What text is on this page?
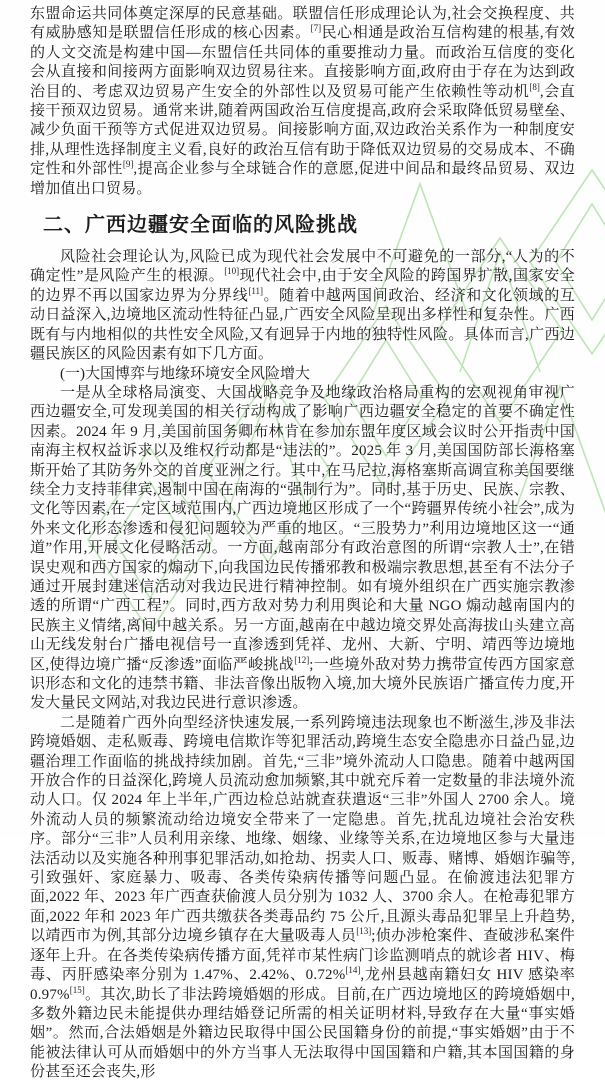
东盟命运共同体奠定深厚的民意基础。联盟信任形成理论认为,社会交换程度、共有威胁感知是联盟信任形成的核心因素。[7]民心相通是政治互信构建的根基,有效的人文交流是构建中国—东盟信任共同体的重要推动力量。而政治互信度的变化会从直接和间接两方面影响双边贸易往来。直接影响方面,政府由于存在为达到政治目的、考虑双边贸易产生安全的外部性以及贸易可能产生依赖性等动机[8],会直接干预双边贸易。通常来讲,随着两国政治互信度提高,政府会采取降低贸易壁垒、减少负面干预等方式促进双边贸易。间接影响方面,双边政治关系作为一种制度安排,从理性选择制度主义看,良好的政治互信有助于降低双边贸易的交易成本、不确定性和外部性[9],提高企业参与全球链合作的意愿,促进中间品和最终品贸易、双边增加值出口贸易。

二、广西边疆安全面临的风险挑战

风险社会理论认为,风险已成为现代社会发展中不可避免的一部分,“人为的不确定性”是风险产生的根源。[10]现代社会中,由于安全风险的跨国界扩散,国家安全的边界不再以国家边界为分界线[11]。随着中越两国间政治、经济和文化领域的互动日益深入,边境地区流动性特征凸显,广西安全风险呈现出多样性和复杂性。广西既有与内地相似的共性安全风险,又有迥异于内地的独特性风险。具体而言,广西边疆民族区的风险因素有如下几方面。

(一)大国博弈与地缘环境安全风险增大

一是从全球格局演变、大国战略竞争及地缘政治格局重构的宏观视角审视广西边疆安全,可发现美国的相关行动构成了影响广西边疆安全稳定的首要不确定性因素。2024 年 9 月,美国前国务卿布林肯在参加东盟年度区域会议时公开指责中国南海主权权益诉求以及维权行动都是“违法的”。2025 年 3 月,美国国防部长海格塞斯开始了其防务外交的首度亚洲之行。其中,在马尼拉,海格塞斯高调宣称美国要继续全力支持菲律宾,遏制中国在南海的“强制行为”。同时,基于历史、民族、宗教、文化等因素,在一定区域范围内,广西边境地区形成了一个“跨疆界传统小社会”,成为外来文化形态渗透和侵犯问题较为严重的地区。“三股势力”利用边境地区这一“通道”作用,开展文化侵略活动。一方面,越南部分有政治意图的所谓“宗教人士”,在错误史观和西方国家的煽动下,向我国边民传播邪教和极端宗教思想,甚至有不法分子通过开展封建迷信活动对我边民进行精神控制。如有境外组织在广西实施宗教渗透的所谓“广西工程”。同时,西方敌对势力利用舆论和大量 NGO 煽动越南国内的民族主义情绪,离间中越关系。另一方面,越南在中越边境交界处高海拔山头建立高山无线发射台广播电视信号一直渗透到凭祥、龙州、大新、宁明、靖西等边境地区,使得边境广播“反渗透”面临严峻挑战[12];一些境外敌对势力携带宣传西方国家意识形态和文化的违禁书籍、非法音像出版物入境,加大境外民族语广播宣传力度,开发大量民文网站,对我边民进行意识渗透。

二是随着广西外向型经济快速发展,一系列跨境违法现象也不断滋生,涉及非法跨境婚姻、走私贩毒、跨境电信欺诈等犯罪活动,跨境生态安全隐患亦日益凸显,边疆治理工作面临的挑战持续加剧。首先,“三非”境外流动人口隐患。随着中越两国开放合作的日益深化,跨境人员流动愈加频繁,其中就充斥着一定数量的非法境外流动人口。仅 2024 年上半年,广西边检总站就查获遣返“三非”外国人 2700 余人。境外流动人员的频繁流动给边境安全带来了一定隐患。首先,扰乱边境社会治安秩序。部分“三非”人员利用亲缘、地缘、姻缘、业缘等关系,在边境地区参与大量违法活动以及实施各种刑事犯罪活动,如抢劫、拐卖人口、贩毒、赌博、婚姻诈骗等,引致强奸、家庭暴力、吸毒、各类传染病传播等问题凸显。在偷渡违法犯罪方面,2022 年、2023 年广西查获偷渡人员分别为 1032 人、3700 余人。在枪毒犯罪方面,2022 年和 2023 年广西共缴获各类毒品约 75 公斤,且源头毒品犯罪呈上升趋势,以靖西市为例,其部分边境乡镇存在大量吸毒人员[13];侦办涉枪案件、查破涉私案件逐年上升。在各类传染病传播方面,凭祥市某性病门诊监测哨点的就诊者 HIV、梅毒、丙肝感染率分别为 1.47%、2.42%、0.72%[14],龙州县越南籍妇女 HIV 感染率 0.97%[15]。其次,助长了非法跨境婚姻的形成。目前,在广西边境地区的跨境婚姻中,多数外籍边民未能提供办理结婚登记所需的相关证明材料,导致存在大量“事实婚姻”。然而,合法婚姻是外籍边民取得中国公民国籍身份的前提,“事实婚姻”由于不能被法律认可从而婚姻中的外方当事人无法取得中国国籍和户籍,其本国国籍的身份甚至还会丧失,形
